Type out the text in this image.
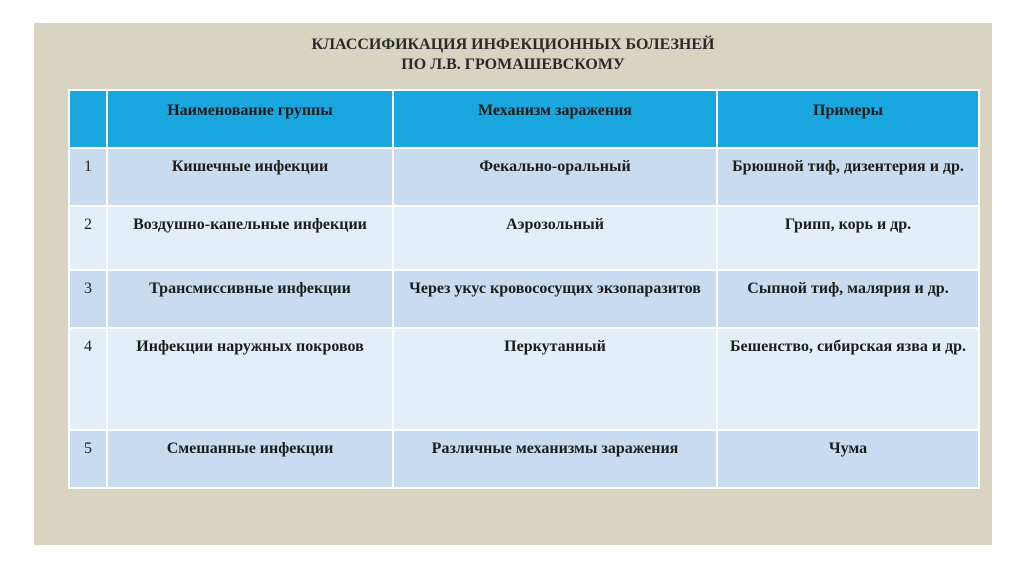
КЛАССИФИКАЦИЯ ИНФЕКЦИОННЫХ БОЛЕЗНЕЙ
ПО Л.В. ГРОМАШЕВСКОМУ
	Наименование группы	Механизм заражения	Примеры
1	Кишечные инфекции	Фекально-оральный	Брюшной тиф, дизентерия и др.

2	Воздушно-капельные инфекции	Аэрозольный	Грипп, корь и др.

3	Трансмиссивные инфекции	Через укус кровососущих экзопаразитов	Сыпной тиф, малярия и др.

4	Инфекции наружных покровов	Перкутанный	Бешенство, сибирская язва и др.

5	Смешанные инфекции	Различные механизмы заражения	Чума
